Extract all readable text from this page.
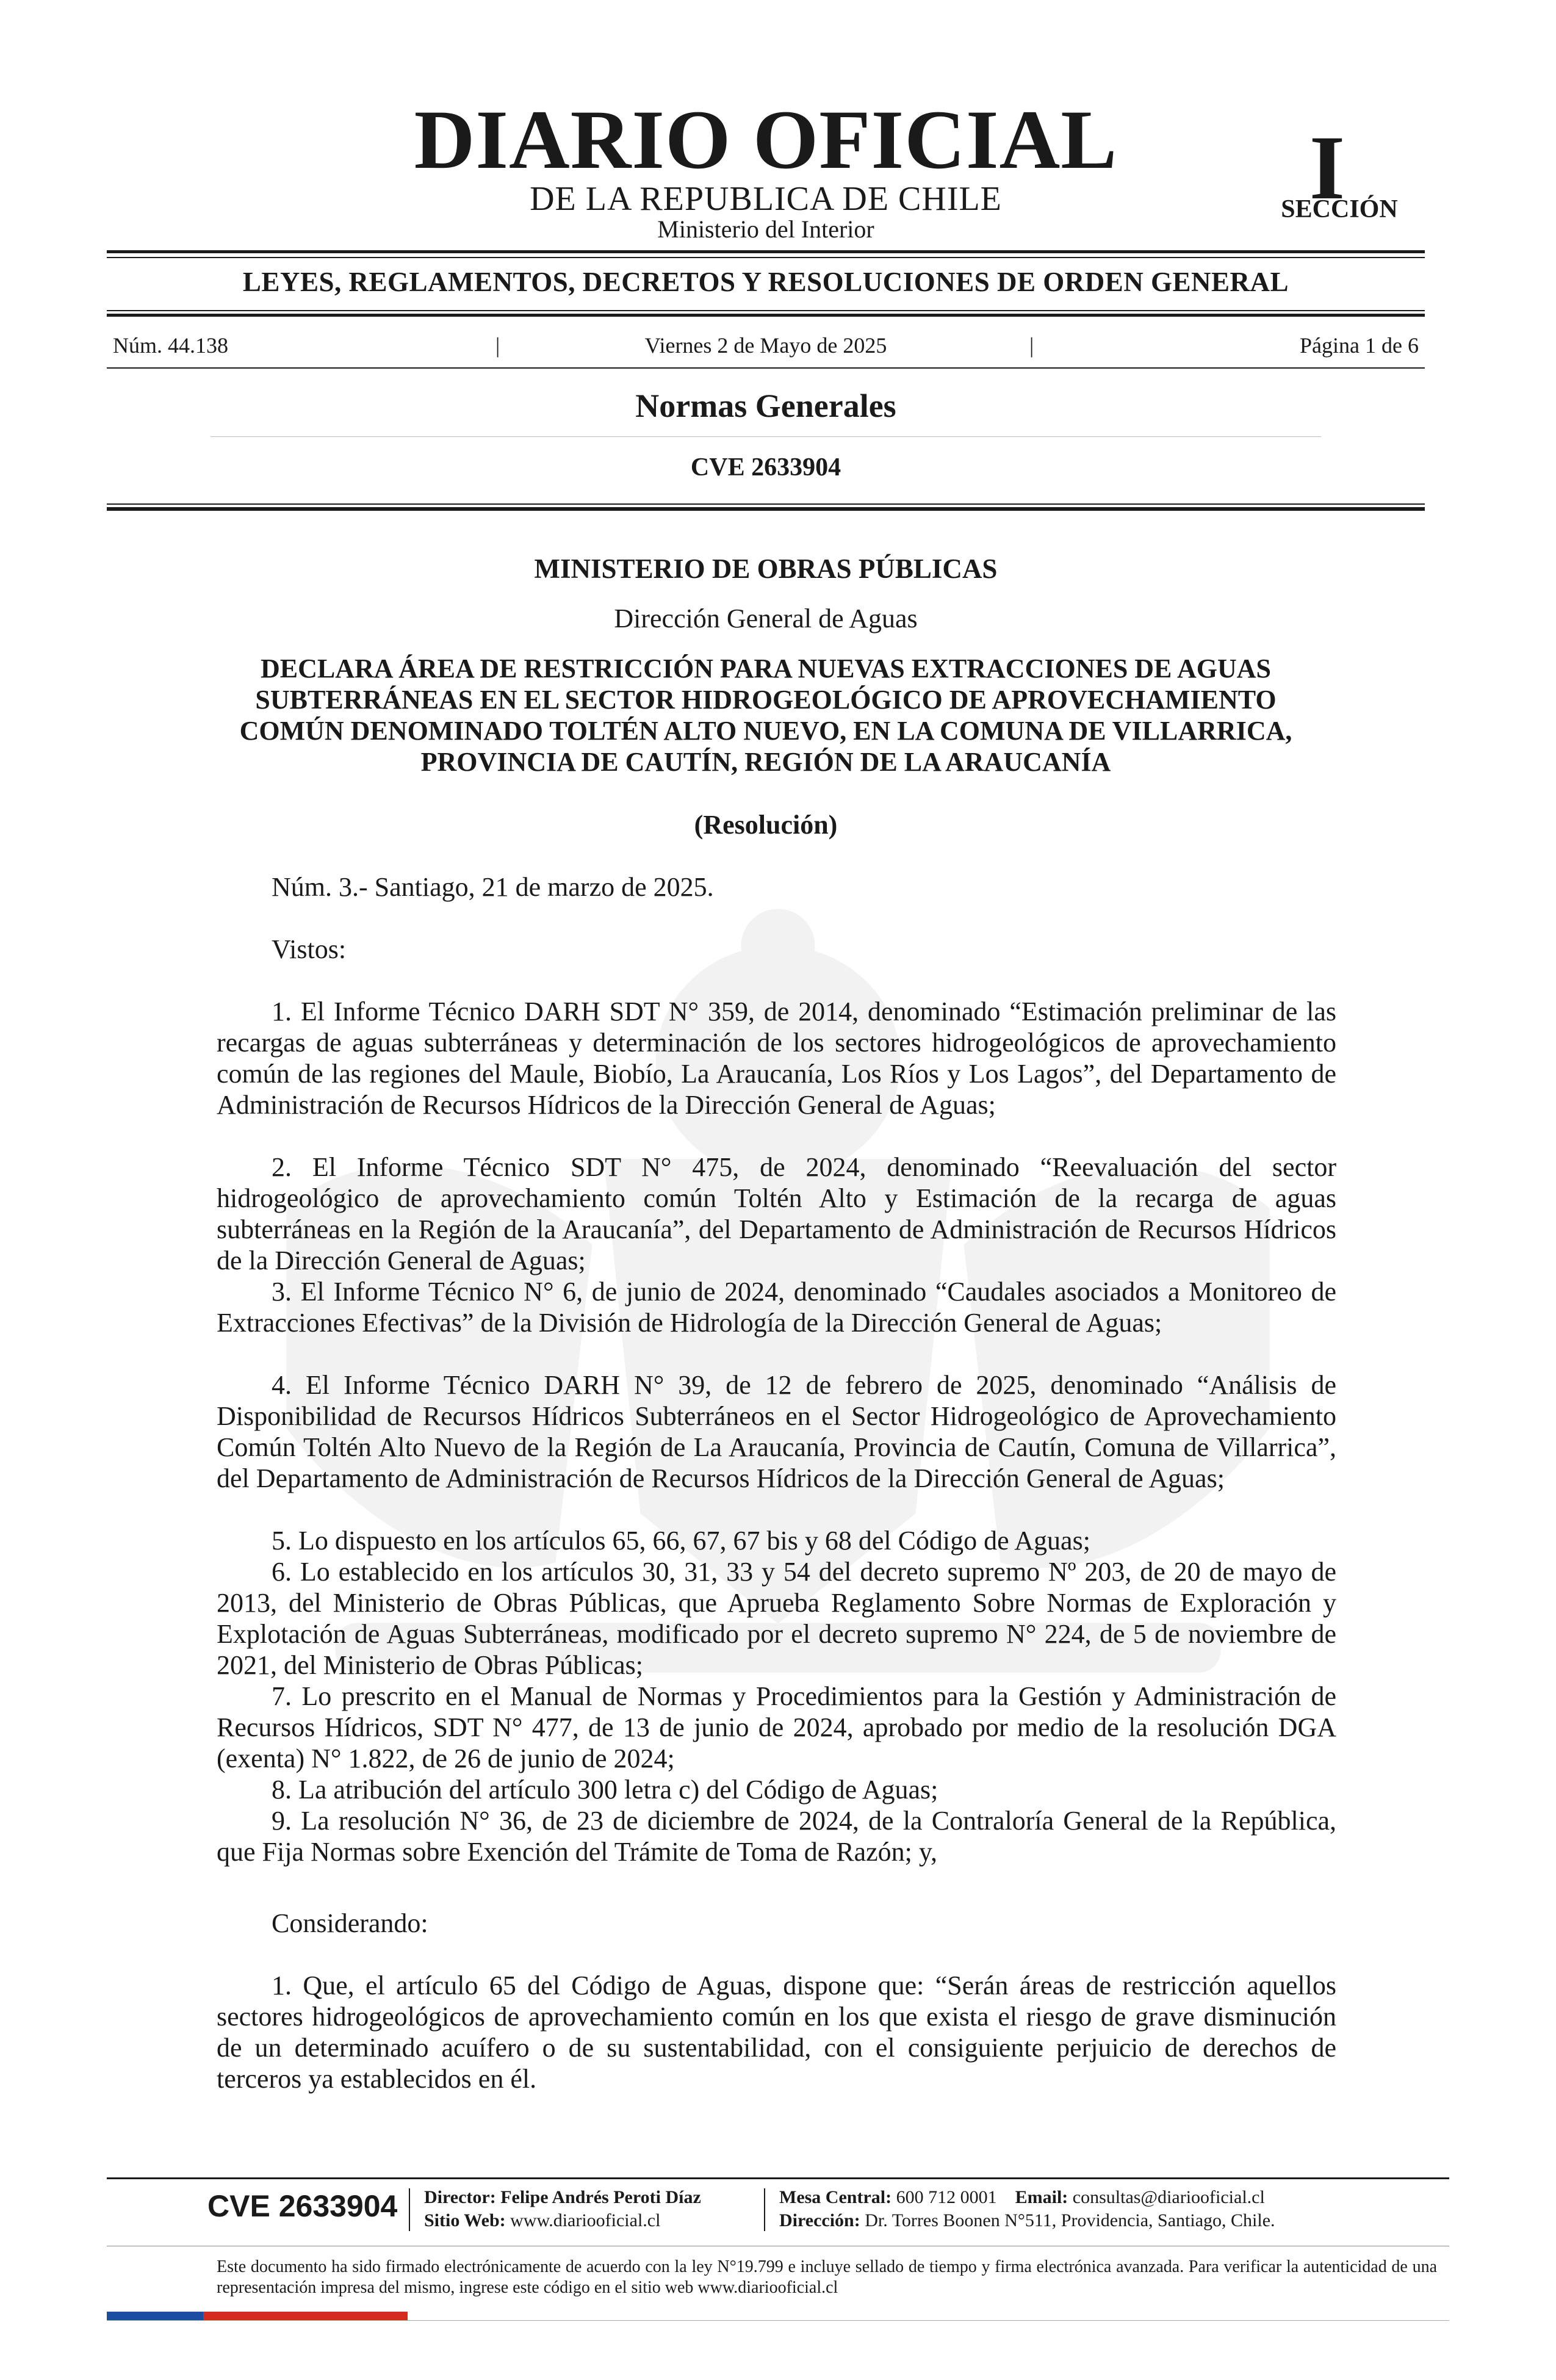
DIARIO OFICIAL
DE LA REPUBLICA DE CHILE
Ministerio del Interior
I
SECCIÓN
LEYES, REGLAMENTOS, DECRETOS Y RESOLUCIONES DE ORDEN GENERAL
Núm. 44.138	|	Viernes 2 de Mayo de 2025	|	Página 1 de 6
Normas Generales
CVE 2633904
MINISTERIO DE OBRAS PÚBLICAS
Dirección General de Aguas
DECLARA ÁREA DE RESTRICCIÓN PARA NUEVAS EXTRACCIONES DE AGUAS SUBTERRÁNEAS EN EL SECTOR HIDROGEOLÓGICO DE APROVECHAMIENTO COMÚN DENOMINADO TOLTÉN ALTO NUEVO, EN LA COMUNA DE VILLARRICA, PROVINCIA DE CAUTÍN, REGIÓN DE LA ARAUCANÍA
(Resolución)
Núm. 3.- Santiago, 21 de marzo de 2025.
Vistos:
1. El Informe Técnico DARH SDT N° 359, de 2014, denominado “Estimación preliminar de las recargas de aguas subterráneas y determinación de los sectores hidrogeológicos de aprovechamiento común de las regiones del Maule, Biobío, La Araucanía, Los Ríos y Los Lagos”, del Departamento de Administración de Recursos Hídricos de la Dirección General de Aguas;
2. El Informe Técnico SDT N° 475, de 2024, denominado “Reevaluación del sector hidrogeológico de aprovechamiento común Toltén Alto y Estimación de la recarga de aguas subterráneas en la Región de la Araucanía”, del Departamento de Administración de Recursos Hídricos de la Dirección General de Aguas;
3. El Informe Técnico N° 6, de junio de 2024, denominado “Caudales asociados a Monitoreo de Extracciones Efectivas” de la División de Hidrología de la Dirección General de Aguas;
4. El Informe Técnico DARH N° 39, de 12 de febrero de 2025, denominado “Análisis de Disponibilidad de Recursos Hídricos Subterráneos en el Sector Hidrogeológico de Aprovechamiento Común Toltén Alto Nuevo de la Región de La Araucanía, Provincia de Cautín, Comuna de Villarrica”, del Departamento de Administración de Recursos Hídricos de la Dirección General de Aguas;
5. Lo dispuesto en los artículos 65, 66, 67, 67 bis y 68 del Código de Aguas;
6. Lo establecido en los artículos 30, 31, 33 y 54 del decreto supremo Nº 203, de 20 de mayo de 2013, del Ministerio de Obras Públicas, que Aprueba Reglamento Sobre Normas de Exploración y Explotación de Aguas Subterráneas, modificado por el decreto supremo N° 224, de 5 de noviembre de 2021, del Ministerio de Obras Públicas;
7. Lo prescrito en el Manual de Normas y Procedimientos para la Gestión y Administración de Recursos Hídricos, SDT N° 477, de 13 de junio de 2024, aprobado por medio de la resolución DGA (exenta) N° 1.822, de 26 de junio de 2024;
8. La atribución del artículo 300 letra c) del Código de Aguas;
9. La resolución N° 36, de 23 de diciembre de 2024, de la Contraloría General de la República, que Fija Normas sobre Exención del Trámite de Toma de Razón; y,
Considerando:
1. Que, el artículo 65 del Código de Aguas, dispone que: “Serán áreas de restricción aquellos sectores hidrogeológicos de aprovechamiento común en los que exista el riesgo de grave disminución de un determinado acuífero o de su sustentabilidad, con el consiguiente perjuicio de derechos de terceros ya establecidos en él.
CVE 2633904 Director: Felipe Andrés Peroti Díaz
Sitio Web: www.diariooficial.cl
Mesa Central: 600 712 0001 Email: consultas@diariooficial.cl
Dirección: Dr. Torres Boonen N°511, Providencia, Santiago, Chile.
Este documento ha sido firmado electrónicamente de acuerdo con la ley N°19.799 e incluye sellado de tiempo y firma electrónica avanzada. Para verificar la autenticidad de una representación impresa del mismo, ingrese este código en el sitio web www.diariooficial.cl
